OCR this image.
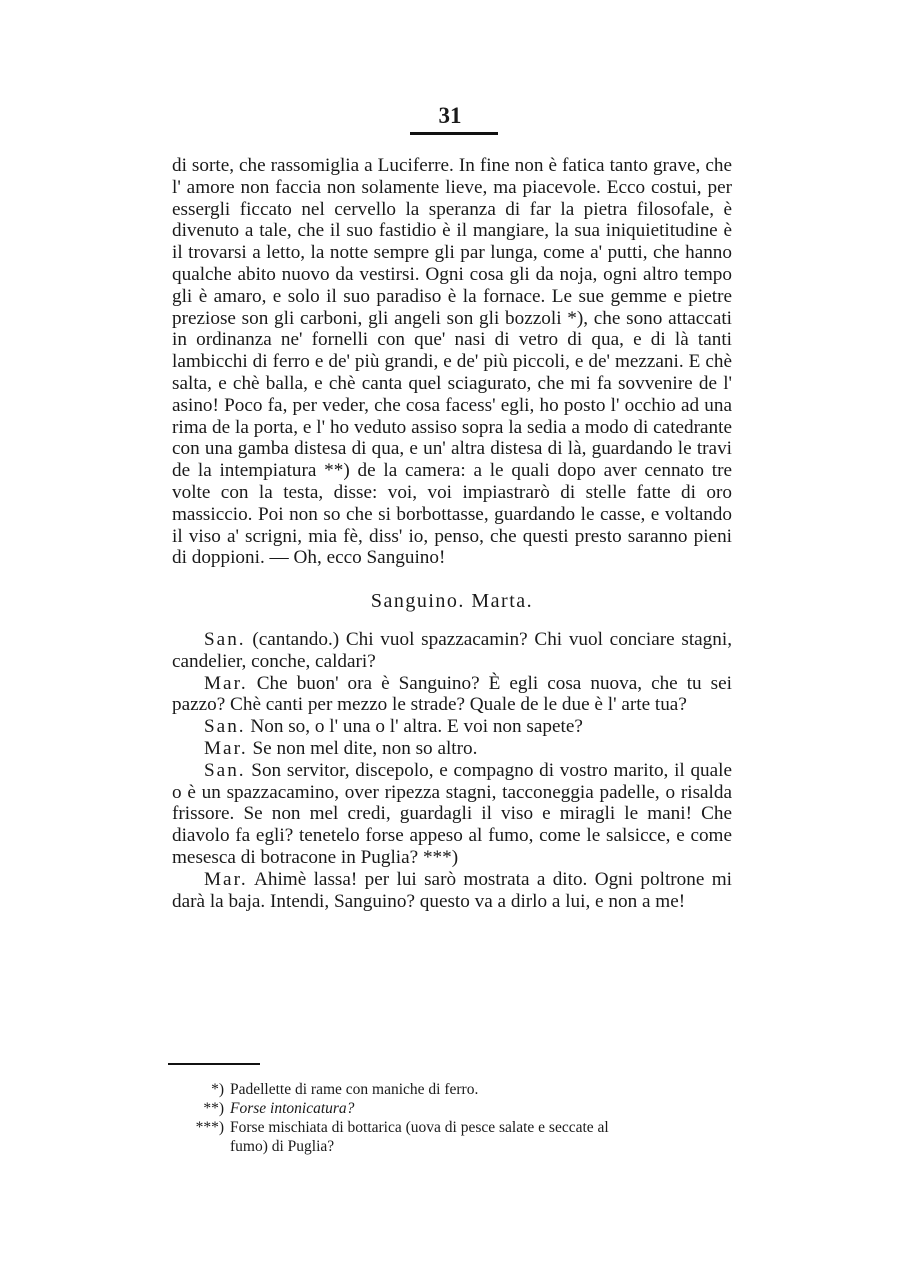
31

di sorte, che rassomiglia a Luciferre. In fine non è fatica tanto grave, che l' amore non faccia non solamente lieve, ma piacevole. Ecco costui, per essergli ficcato nel cervello la speranza di far la pietra filosofale, è divenuto a tale, che il suo fastidio è il mangiare, la sua iniquietitudine è il trovarsi a letto, la notte sempre gli par lunga, come a' putti, che hanno qualche abito nuovo da vestirsi. Ogni cosa gli da noja, ogni altro tempo gli è amaro, e solo il suo paradiso è la fornace. Le sue gemme e pietre preziose son gli carboni, gli angeli son gli bozzoli *), che sono attaccati in ordinanza ne' fornelli con que' nasi di vetro di qua, e di là tanti lambicchi di ferro e de' più grandi, e de' più piccoli, e de' mezzani. E chè salta, e chè balla, e chè canta quel sciagurato, che mi fa sovvenire de l' asino! Poco fa, per veder, che cosa facess' egli, ho posto l' occhio ad una rima de la porta, e l' ho veduto assiso sopra la sedia a modo di catedrante con una gamba distesa di qua, e un' altra distesa di là, guardando le travi de la intempiatura **) de la camera: a le quali dopo aver cennato tre volte con la testa, disse: voi, voi impiastrarò di stelle fatte di oro massiccio. Poi non so che si borbottasse, guardando le casse, e voltando il viso a' scrigni, mia fè, diss' io, penso, che questi presto saranno pieni di doppioni. — Oh, ecco Sanguino!

Sanguino. Marta.

San. (cantando.) Chi vuol spazzacamin? Chi vuol conciare stagni, candelier, conche, caldari?

Mar. Che buon' ora è Sanguino? È egli cosa nuova, che tu sei pazzo? Chè canti per mezzo le strade? Quale de le due è l' arte tua?

San. Non so, o l' una o l' altra. E voi non sapete?

Mar. Se non mel dite, non so altro.

San. Son servitor, discepolo, e compagno di vostro marito, il quale o è un spazzacamino, over ripezza stagni, tacconeggia padelle, o risalda frissore. Se non mel credi, guardagli il viso e miragli le mani! Che diavolo fa egli? tenetelo forse appeso al fumo, come le salsicce, e come mesesca di botracone in Puglia? ***)

Mar. Ahimè lassa! per lui sarò mostrata a dito. Ogni poltrone mi darà la baja. Intendi, Sanguino? questo va a dirlo a lui, e non a me!

*) Padellette di rame con maniche di ferro.
**) Forse intonicatura?
***) Forse mischiata di bottarica (uova di pesce salate e seccate al
fumo) di Puglia?
